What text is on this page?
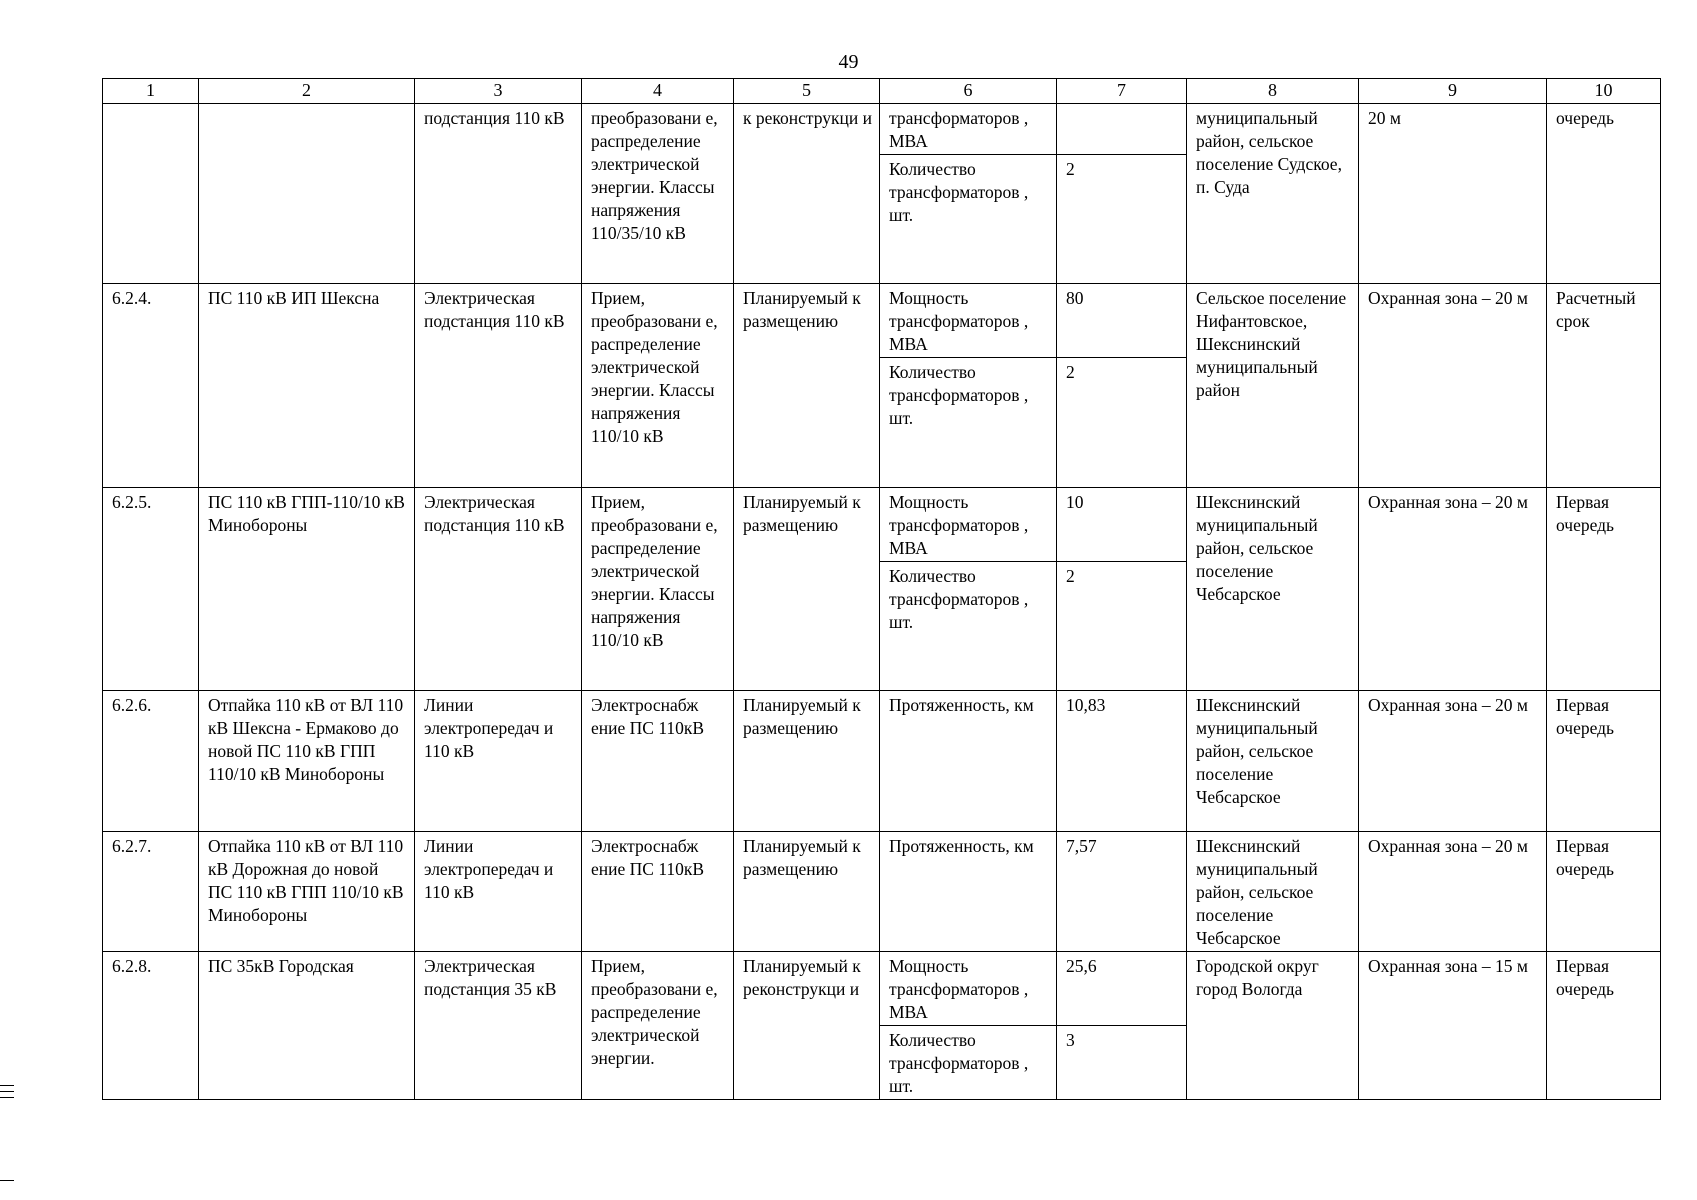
49
1	2	3	4	5	6	7	8	9	10
		подстанция 110 кВ	преобразовани е, распределение электрической энергии. Классы напряжения 110/35/10 кВ	к реконструкци и	трансформаторов , МВА		муниципальный район, сельское поселение Судское, п. Суда	20 м	очередь
					Количество трансформаторов , шт.	2			
6.2.4.	ПС 110 кВ ИП Шексна	Электрическая подстанция 110 кВ	Прием, преобразовани е, распределение электрической энергии. Классы напряжения 110/10 кВ	Планируемый к размещению	Мощность трансформаторов , МВА	80	Сельское поселение Нифантовское, Шекснинский муниципальный район	Охранная зона – 20 м	Расчетный срок
					Количество трансформаторов , шт.	2			
6.2.5.	ПС 110 кВ ГПП-110/10 кВ Минобороны	Электрическая подстанция 110 кВ	Прием, преобразовани е, распределение электрической энергии. Классы напряжения 110/10 кВ	Планируемый к размещению	Мощность трансформаторов , МВА	10	Шекснинский муниципальный район, сельское поселение Чебсарское	Охранная зона – 20 м	Первая очередь
					Количество трансформаторов , шт.	2			
6.2.6.	Отпайка 110 кВ от ВЛ 110 кВ Шексна - Ермаково до новой ПС 110 кВ ГПП 110/10 кВ Минобороны	Линии электропередач и 110 кВ	Электроснабж ение ПС 110кВ	Планируемый к размещению	Протяженность, км	10,83	Шекснинский муниципальный район, сельское поселение Чебсарское	Охранная зона – 20 м	Первая очередь
6.2.7.	Отпайка 110 кВ от ВЛ 110 кВ Дорожная до новой ПС 110 кВ ГПП 110/10 кВ Минобороны	Линии электропередач и 110 кВ	Электроснабж ение ПС 110кВ	Планируемый к размещению	Протяженность, км	7,57	Шекснинский муниципальный район, сельское поселение Чебсарское	Охранная зона – 20 м	Первая очередь
6.2.8.	ПС 35кВ Городская	Электрическая подстанция 35 кВ	Прием, преобразовани е, распределение электрической энергии.	Планируемый к реконструкци и	Мощность трансформаторов , МВА	25,6	Городской округ город Вологда	Охранная зона – 15 м	Первая очередь
					Количество трансформаторов , шт.	3			
